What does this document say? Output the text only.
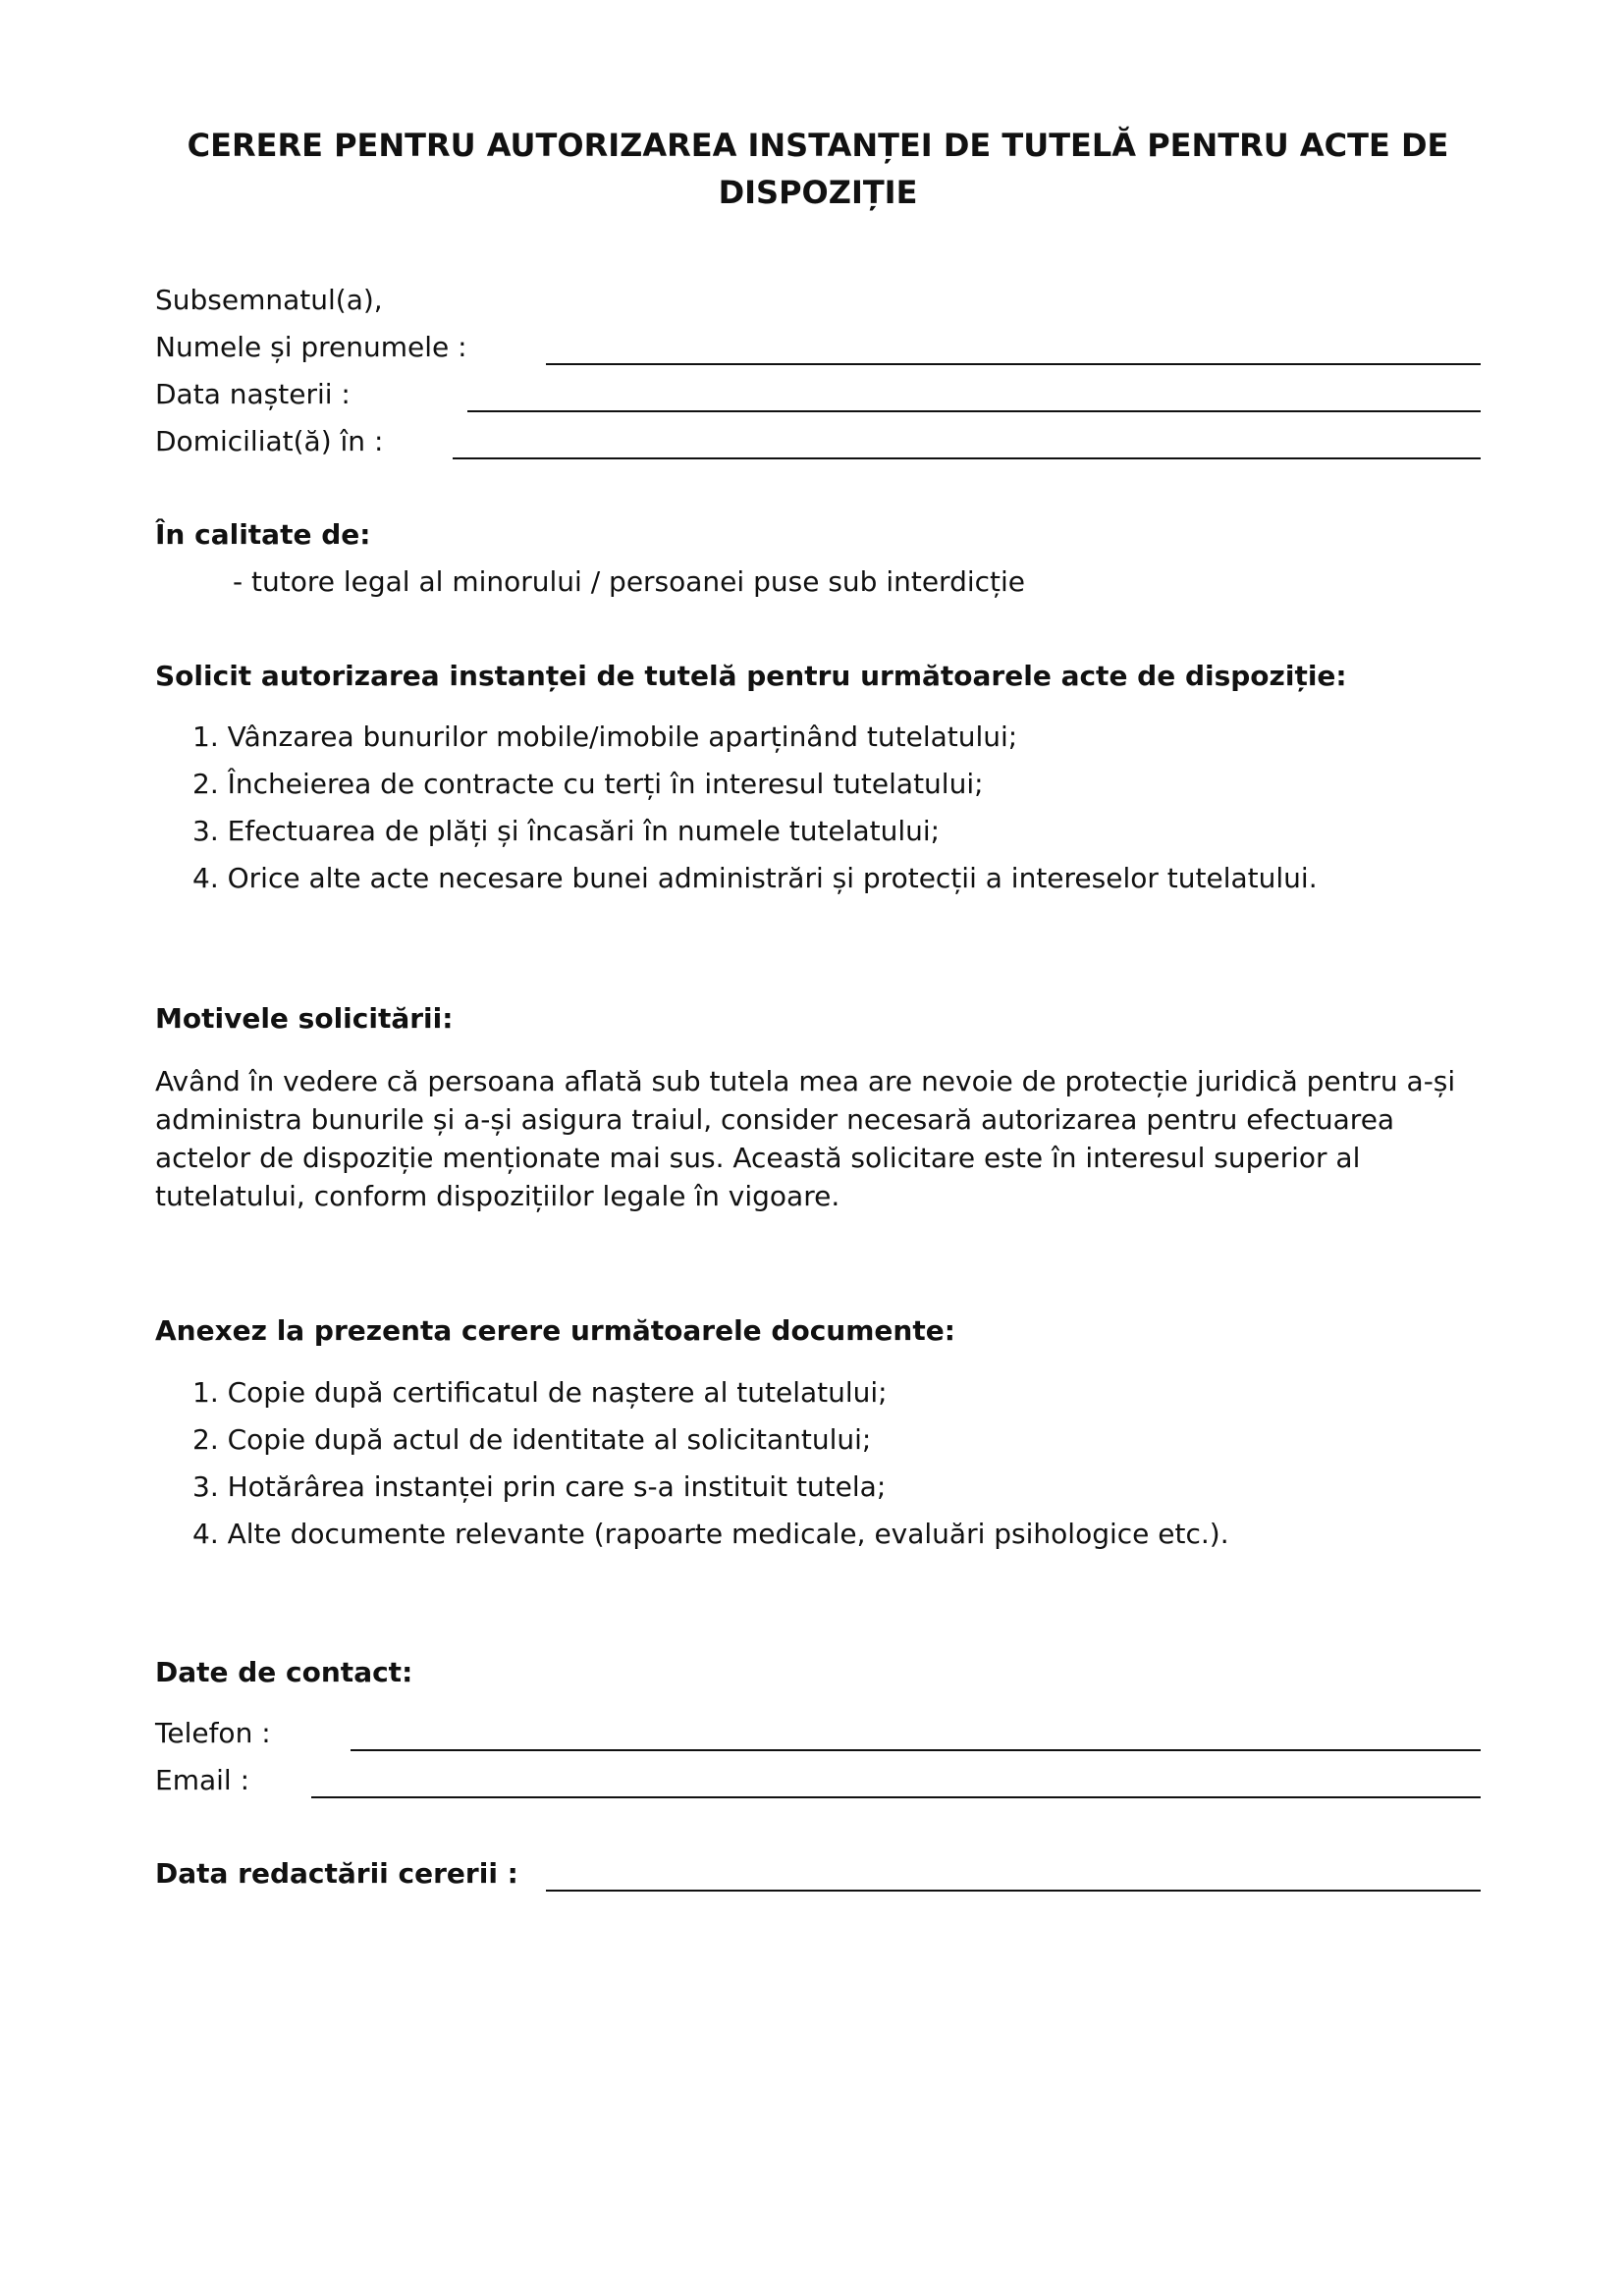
CERERE PENTRU AUTORIZAREA INSTANȚEI DE TUTELĂ PENTRU ACTE DE DISPOZIȚIE

Subsemnatul(a),

Numele și prenumele :

Data nașterii :

Domiciliat(ă) în :

În calitate de:

- tutore legal al minorului / persoanei puse sub interdicție

Solicit autorizarea instanței de tutelă pentru următoarele acte de dispoziție:

1. Vânzarea bunurilor mobile/imobile aparținând tutelatului;
2. Încheierea de contracte cu terți în interesul tutelatului;
3. Efectuarea de plăți și încasări în numele tutelatului;
4. Orice alte acte necesare bunei administrări și protecții a intereselor tutelatului.

Motivele solicitării:

Având în vedere că persoana aflată sub tutela mea are nevoie de protecție juridică pentru a-și administra bunurile și a-și asigura traiul, consider necesară autorizarea pentru efectuarea actelor de dispoziție menționate mai sus. Această solicitare este în interesul superior al tutelatului, conform dispozițiilor legale în vigoare.

Anexez la prezenta cerere următoarele documente:

1. Copie după certificatul de naștere al tutelatului;
2. Copie după actul de identitate al solicitantului;
3. Hotărârea instanței prin care s-a instituit tutela;
4. Alte documente relevante (rapoarte medicale, evaluări psihologice etc.).

Date de contact:

Telefon :

Email :

Data redactării cererii :
